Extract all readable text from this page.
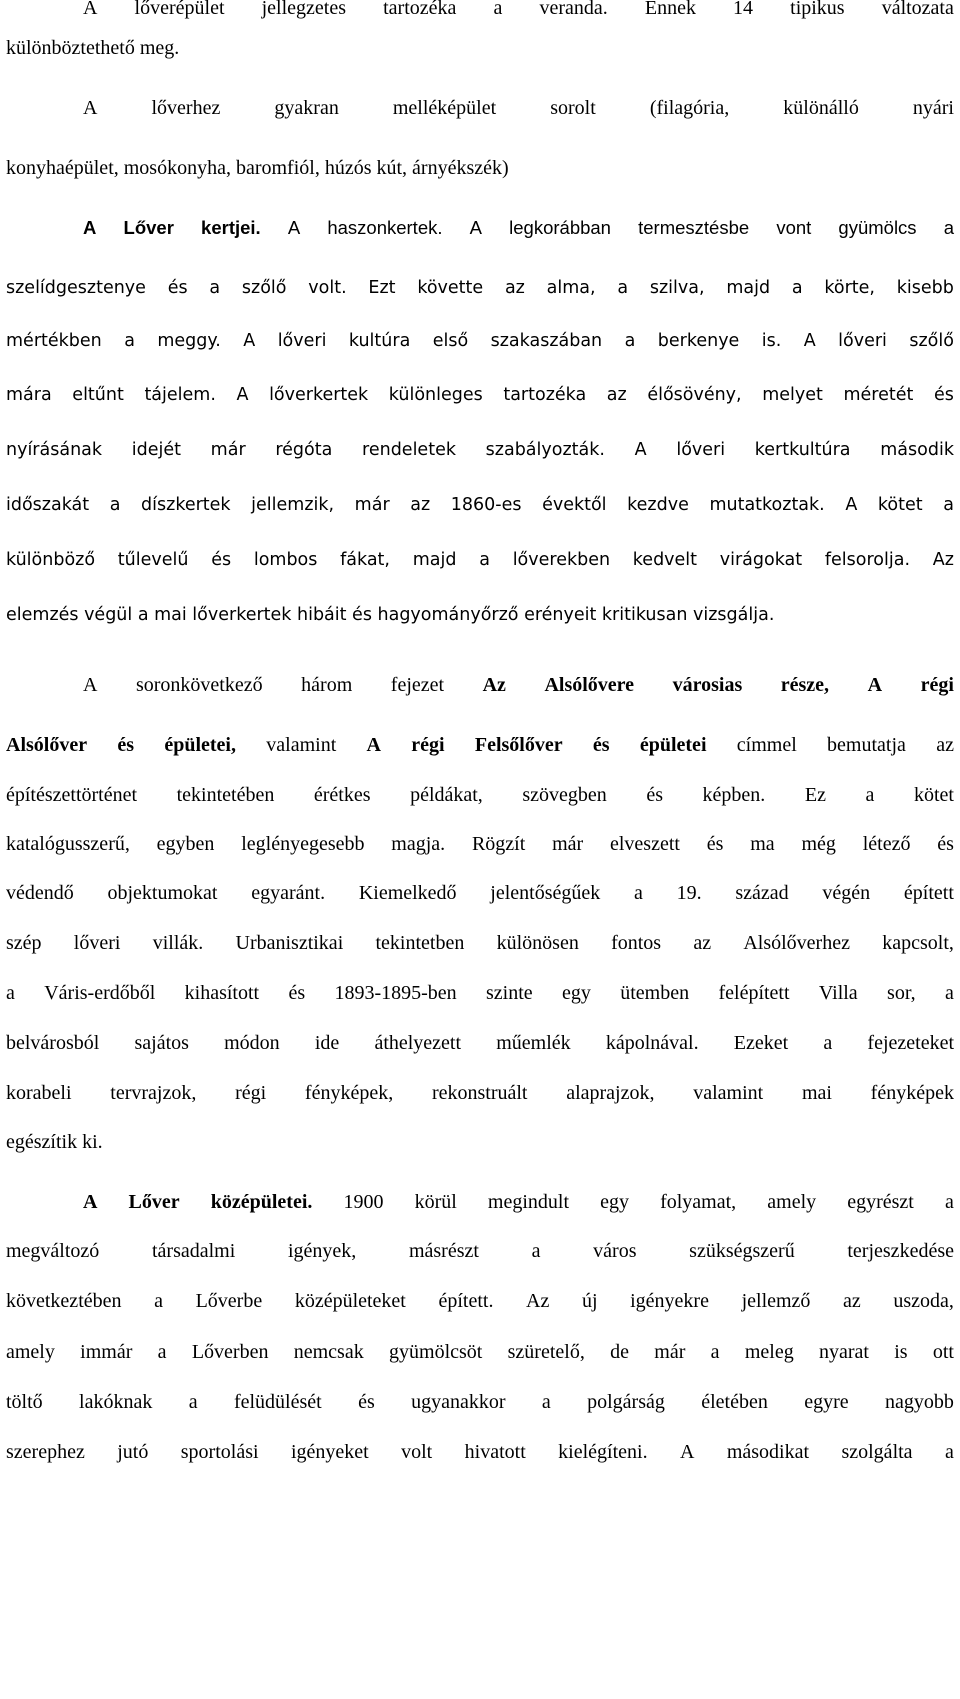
A lőverépület jellegzetes tartozéka a veranda. Ennek 14 tipikus változata
különböztethető meg.
A	lőverhez	gyakran	melléképület	sorolt	(filagória,	különálló	nyári
konyhaépület, mosókonyha, baromfiól, húzós kút, árnyékszék)
A Lőver kertjei. A haszonkertek. A legkorábban termesztésbe vont gyümölcs a
szelídgesztenye és a szőlő volt. Ezt követte az alma, a szilva, majd a körte, kisebb
mértékben a meggy. A lőveri kultúra első szakaszában a berkenye is. A lőveri szőlő
mára eltűnt tájelem. A lőverkertek különleges tartozéka az élősövény, melyet méretét és
nyírásának idejét már régóta rendeletek szabályozták. A lőveri kertkultúra második
időszakát a díszkertek jellemzik, már az 1860-es évektől kezdve mutatkoztak. A kötet a
különböző tűlevelű és lombos fákat, majd a lőverekben kedvelt virágokat felsorolja. Az
elemzés végül a mai lőverkertek hibáit és hagyományőrző erényeit kritikusan vizsgálja.
A soronkövetkező három fejezet Az Alsólővere városias része, A régi
Alsólőver és épületei, valamint A régi Felsőlőver és épületei címmel bemutatja az
építészettörténet tekintetében érétkes példákat, szövegben és képben. Ez a kötet
katalógusszerű, egyben leglényegesebb magja. Rögzít már elveszett és ma még létező és
védendő objektumokat egyaránt. Kiemelkedő jelentőségűek a 19. század végén épített
szép lőveri villák. Urbanisztikai tekintetben különösen fontos az Alsólőverhez kapcsolt,
a Váris-erdőből kihasított és 1893-1895-ben szinte egy ütemben felépített Villa sor, a
belvárosból sajátos módon ide áthelyezett műemlék kápolnával. Ezeket a fejezeteket
korabeli tervrajzok, régi fényképek, rekonstruált alaprajzok, valamint mai fényképek
egészítik ki.
A Lőver középületei. 1900 körül megindult egy folyamat, amely egyrészt a
megváltozó	társadalmi	igények,	másrészt	a	város	szükségszerű	terjeszkedése
következtében a Lőverbe középületeket épített. Az új igényekre jellemző az uszoda,
amely immár a Lőverben nemcsak gyümölcsöt szüretelő, de már a meleg nyarat is ott
töltő lakóknak a felüdülését és ugyanakkor a polgárság életében egyre nagyobb
szerephez jutó sportolási igényeket volt hivatott kielégíteni. A másodikat szolgálta a
